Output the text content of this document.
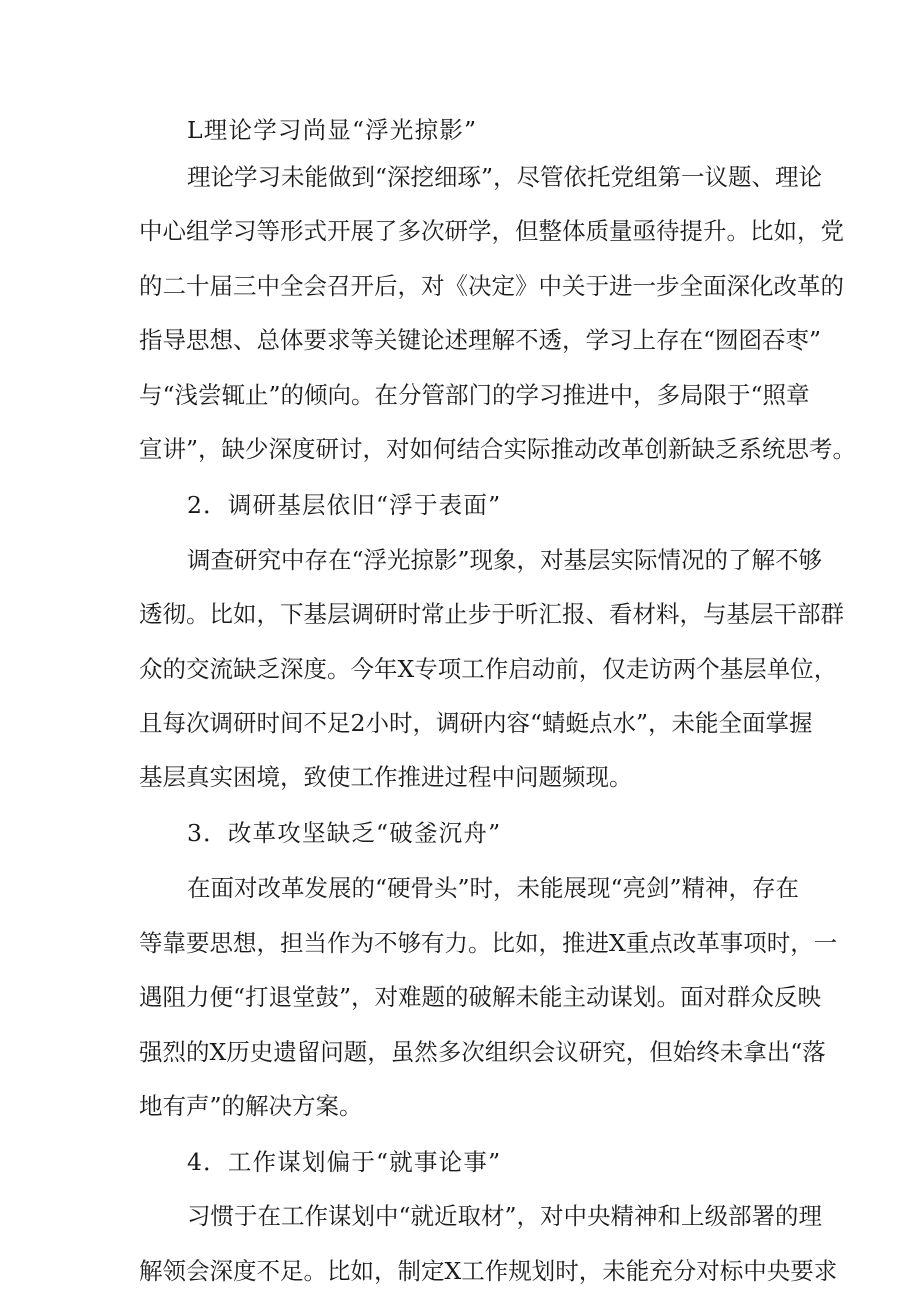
L理论学习尚显“浮光掠影”
理论学习未能做到“深挖细琢”，尽管依托党组第一议题、理论
中心组学习等形式开展了多次研学，但整体质量亟待提升。比如，党
的二十届三中全会召开后，对《决定》中关于进一步全面深化改革的
指导思想、总体要求等关键论述理解不透，学习上存在“囫囵吞枣”
与“浅尝辄止”的倾向。在分管部门的学习推进中，多局限于“照章
宣讲”，缺少深度研讨，对如何结合实际推动改革创新缺乏系统思考。
2．调研基层依旧“浮于表面”
调查研究中存在“浮光掠影”现象，对基层实际情况的了解不够
透彻。比如，下基层调研时常止步于听汇报、看材料，与基层干部群
众的交流缺乏深度。今年X专项工作启动前，仅走访两个基层单位，
且每次调研时间不足2小时，调研内容“蜻蜓点水”，未能全面掌握
基层真实困境，致使工作推进过程中问题频现。
3．改革攻坚缺乏“破釜沉舟”
在面对改革发展的“硬骨头”时，未能展现“亮剑”精神，存在
等靠要思想，担当作为不够有力。比如，推进X重点改革事项时，一
遇阻力便“打退堂鼓”，对难题的破解未能主动谋划。面对群众反映
强烈的X历史遗留问题，虽然多次组织会议研究，但始终未拿出“落
地有声”的解决方案。
4．工作谋划偏于“就事论事”
习惯于在工作谋划中“就近取材”，对中央精神和上级部署的理
解领会深度不足。比如，制定X工作规划时，未能充分对标中央要求
